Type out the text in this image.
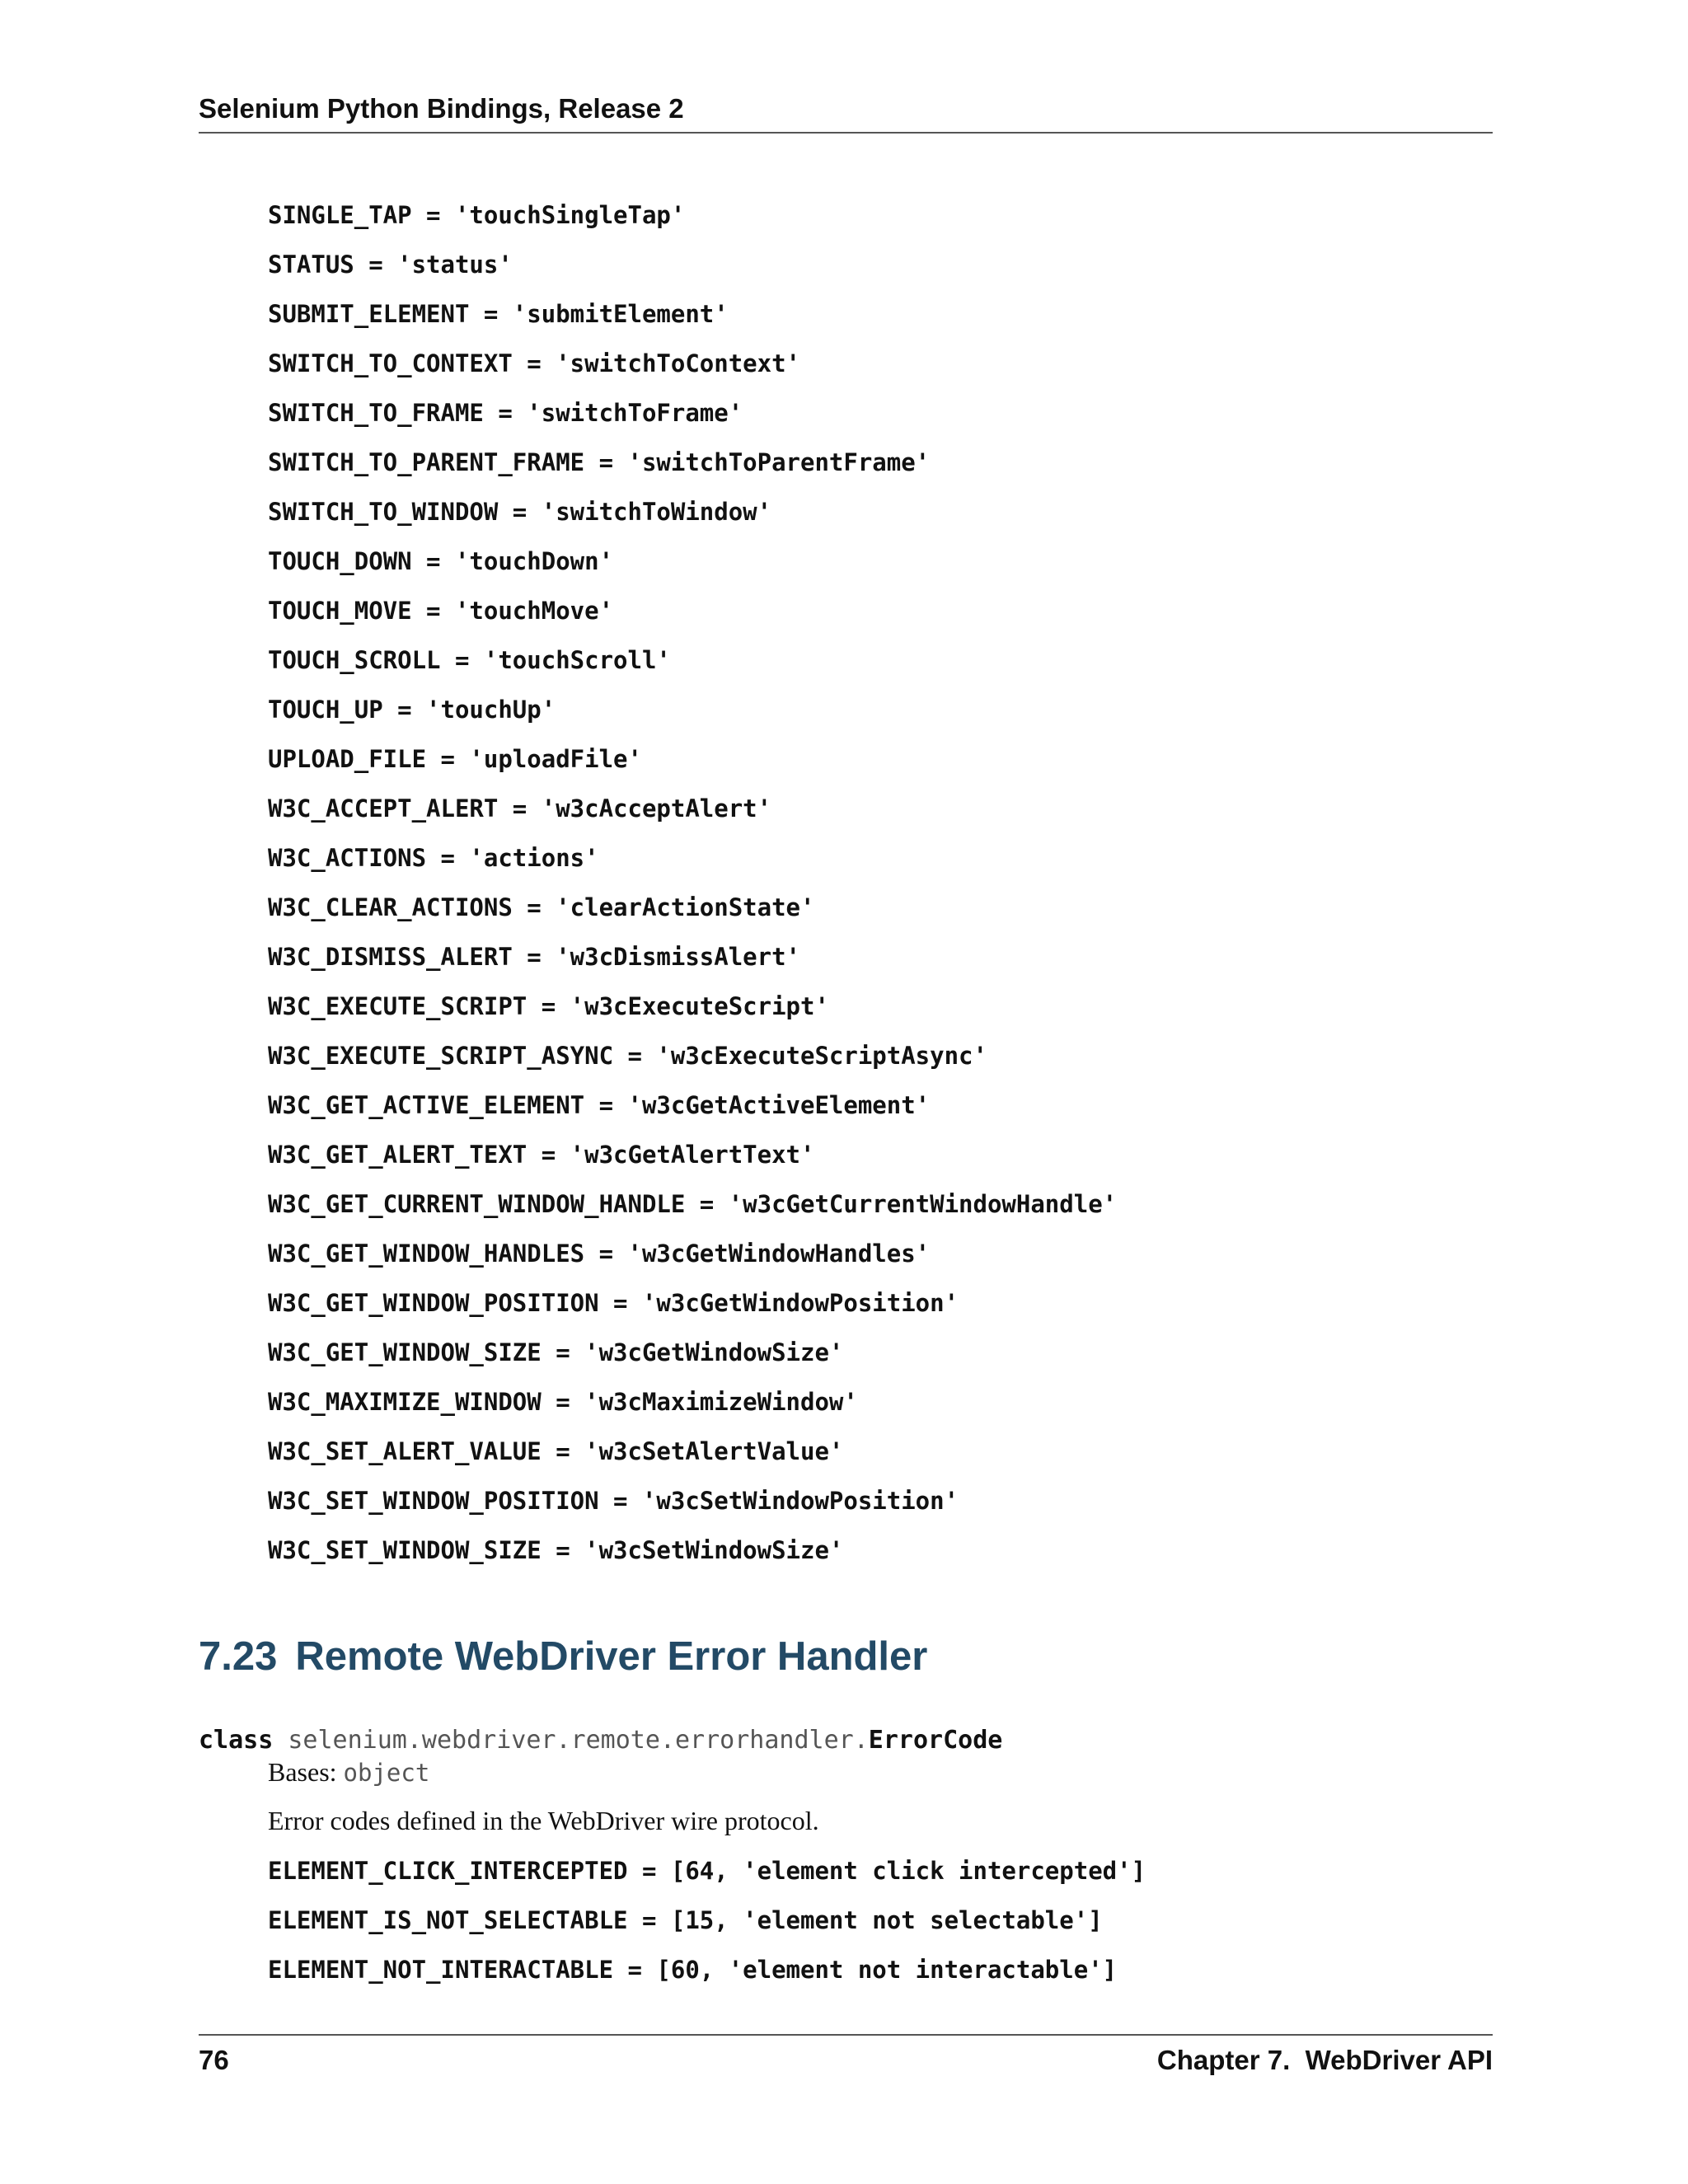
Selenium Python Bindings, Release 2
SINGLE_TAP = 'touchSingleTap'
STATUS = 'status'
SUBMIT_ELEMENT = 'submitElement'
SWITCH_TO_CONTEXT = 'switchToContext'
SWITCH_TO_FRAME = 'switchToFrame'
SWITCH_TO_PARENT_FRAME = 'switchToParentFrame'
SWITCH_TO_WINDOW = 'switchToWindow'
TOUCH_DOWN = 'touchDown'
TOUCH_MOVE = 'touchMove'
TOUCH_SCROLL = 'touchScroll'
TOUCH_UP = 'touchUp'
UPLOAD_FILE = 'uploadFile'
W3C_ACCEPT_ALERT = 'w3cAcceptAlert'
W3C_ACTIONS = 'actions'
W3C_CLEAR_ACTIONS = 'clearActionState'
W3C_DISMISS_ALERT = 'w3cDismissAlert'
W3C_EXECUTE_SCRIPT = 'w3cExecuteScript'
W3C_EXECUTE_SCRIPT_ASYNC = 'w3cExecuteScriptAsync'
W3C_GET_ACTIVE_ELEMENT = 'w3cGetActiveElement'
W3C_GET_ALERT_TEXT = 'w3cGetAlertText'
W3C_GET_CURRENT_WINDOW_HANDLE = 'w3cGetCurrentWindowHandle'
W3C_GET_WINDOW_HANDLES = 'w3cGetWindowHandles'
W3C_GET_WINDOW_POSITION = 'w3cGetWindowPosition'
W3C_GET_WINDOW_SIZE = 'w3cGetWindowSize'
W3C_MAXIMIZE_WINDOW = 'w3cMaximizeWindow'
W3C_SET_ALERT_VALUE = 'w3cSetAlertValue'
W3C_SET_WINDOW_POSITION = 'w3cSetWindowPosition'
W3C_SET_WINDOW_SIZE = 'w3cSetWindowSize'
7.23 Remote WebDriver Error Handler
class selenium.webdriver.remote.errorhandler.ErrorCode
Bases: object
Error codes defined in the WebDriver wire protocol.
ELEMENT_CLICK_INTERCEPTED = [64, 'element click intercepted']
ELEMENT_IS_NOT_SELECTABLE = [15, 'element not selectable']
ELEMENT_NOT_INTERACTABLE = [60, 'element not interactable']
76	Chapter 7.  WebDriver API
